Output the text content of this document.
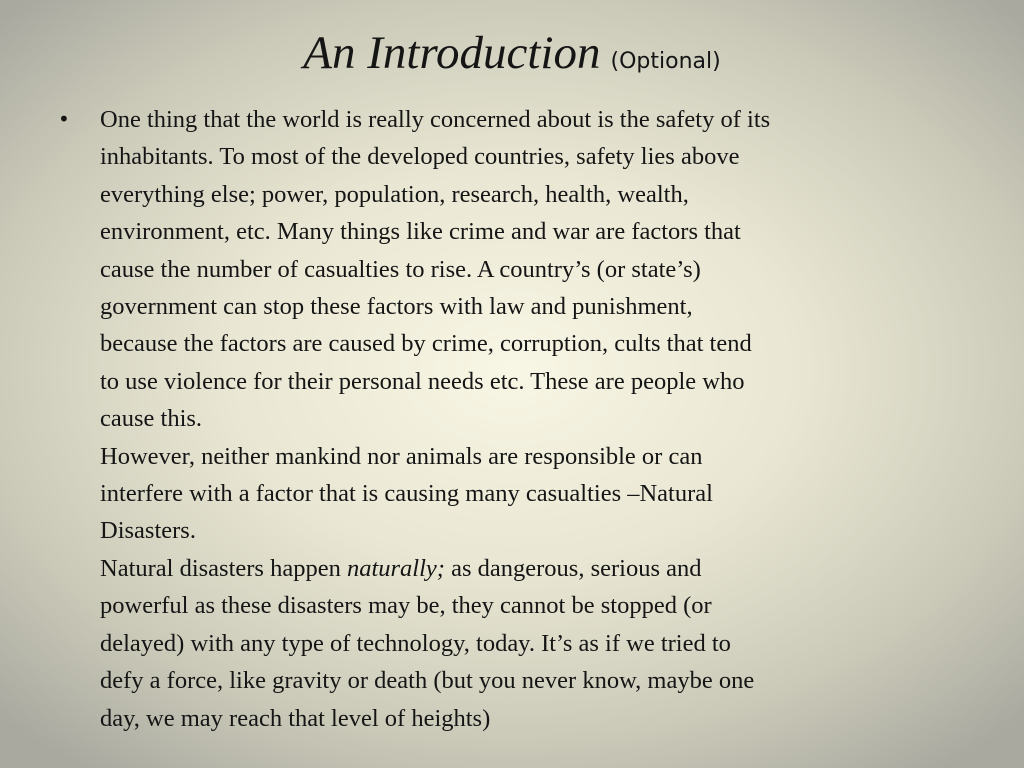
An Introduction (Optional)
• One thing that the world is really concerned about is the safety of its
inhabitants. To most of the developed countries, safety lies above
everything else; power, population, research, health, wealth,
environment, etc. Many things like crime and war are factors that
cause the number of casualties to rise. A country’s (or state’s)
government can stop these factors with law and punishment,
because the factors are caused by crime, corruption, cults that tend
to use violence for their personal needs etc. These are people who
cause this.
However, neither mankind nor animals are responsible or can
interfere with a factor that is causing many casualties –Natural
Disasters.
Natural disasters happen naturally; as dangerous, serious and
powerful as these disasters may be, they cannot be stopped (or
delayed) with any type of technology, today. It’s as if we tried to
defy a force, like gravity or death (but you never know, maybe one
day, we may reach that level of heights)
